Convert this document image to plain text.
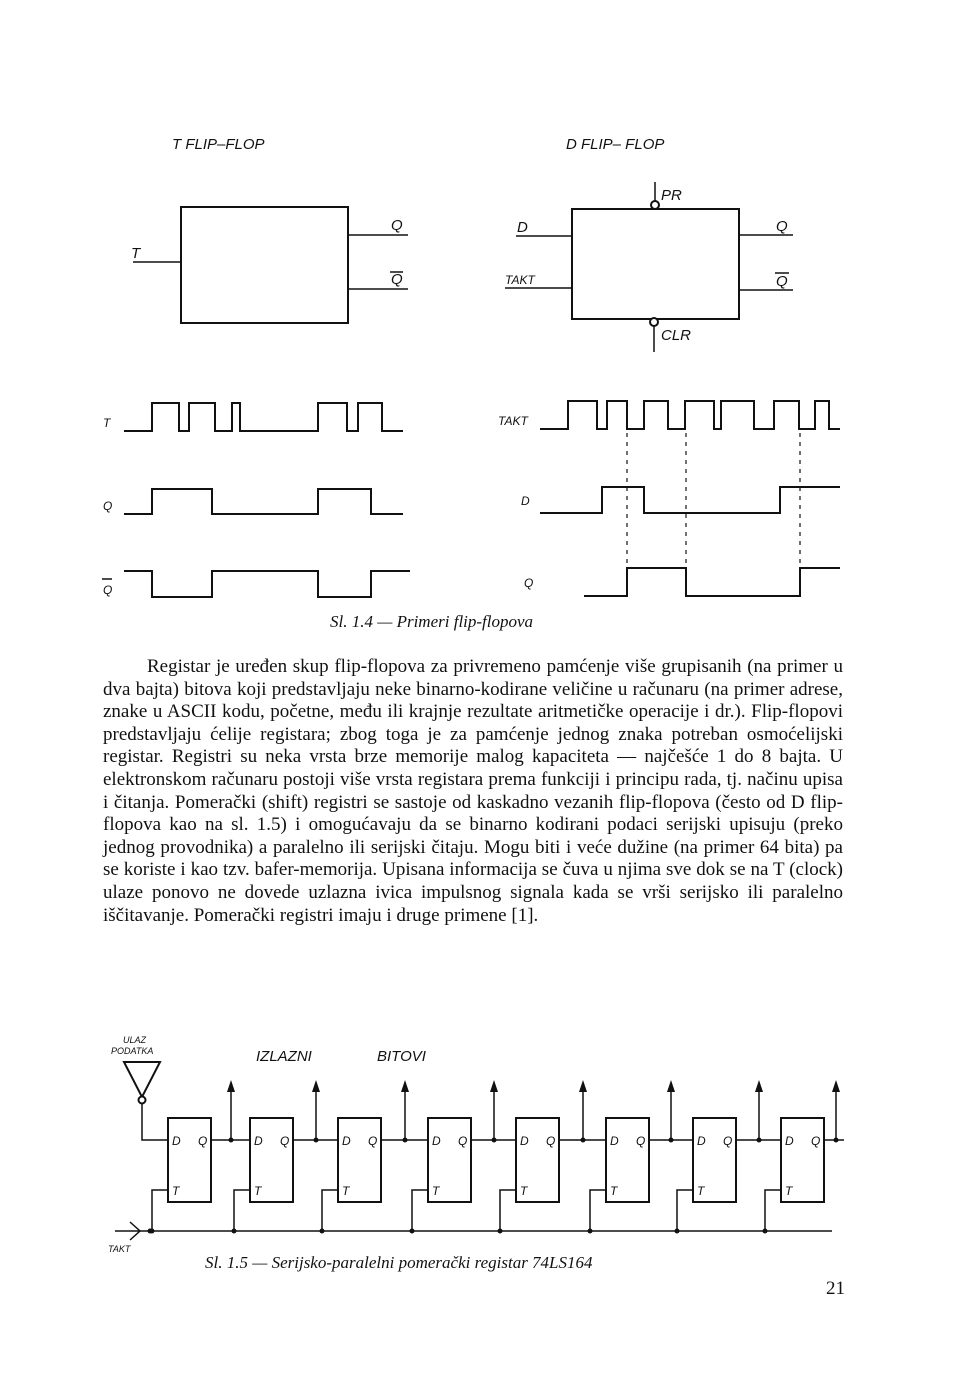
T FLIP–FLOP
T
Q
Q
D FLIP– FLOP
PR
CLR
D
TAKT
Q
Q
T
Q
Q
TAKT
D
Q
Sl. 1.4 — Primeri flip-flopova
ULAZ
PODATKA	IZLAZNI	BITOVI
TAKT
D Q
T
D Q
T
D Q
T
D Q
T
D Q
T
D Q
T
D Q
T
D Q
T
Sl. 1.5 — Serijsko-paralelni pomerački registar 74LS164

Registar je uređen skup flip-flopova za privremeno pamćenje više grupisanih (na primer u dva bajta) bitova koji predstavljaju neke binarno-kodirane veličine u računaru (na primer adrese, znake u ASCII kodu, početne, među ili krajnje rezultate aritmetičke operacije i dr.). Flip-flopovi predstavljaju ćelije registara; zbog toga je za pamćenje jednog znaka potreban osmoćelijski registar. Registri su neka vrsta brze memorije malog kapaciteta — najčešće 1 do 8 bajta. U elektronskom računaru postoji više vrsta registara prema funkciji i principu rada, tj. načinu upisa i čitanja. Pomerački (shift) registri se sastoje od kaskadno vezanih flip-flopova (često od D flip-flopova kao na sl. 1.5) i omogućavaju da se binarno kodirani podaci serijski upisuju (preko jednog provodnika) a paralelno ili serijski čitaju. Mogu biti i veće dužine (na primer 64 bita) pa se koriste i kao tzv. bafer-memorija. Upisana informacija se čuva u njima sve dok se na T (clock) ulaze ponovo ne dovede uzlazna ivica impulsnog signala kada se vrši serijsko ili paralelno iščitavanje. Pomerački registri imaju i druge primene [1].

21
